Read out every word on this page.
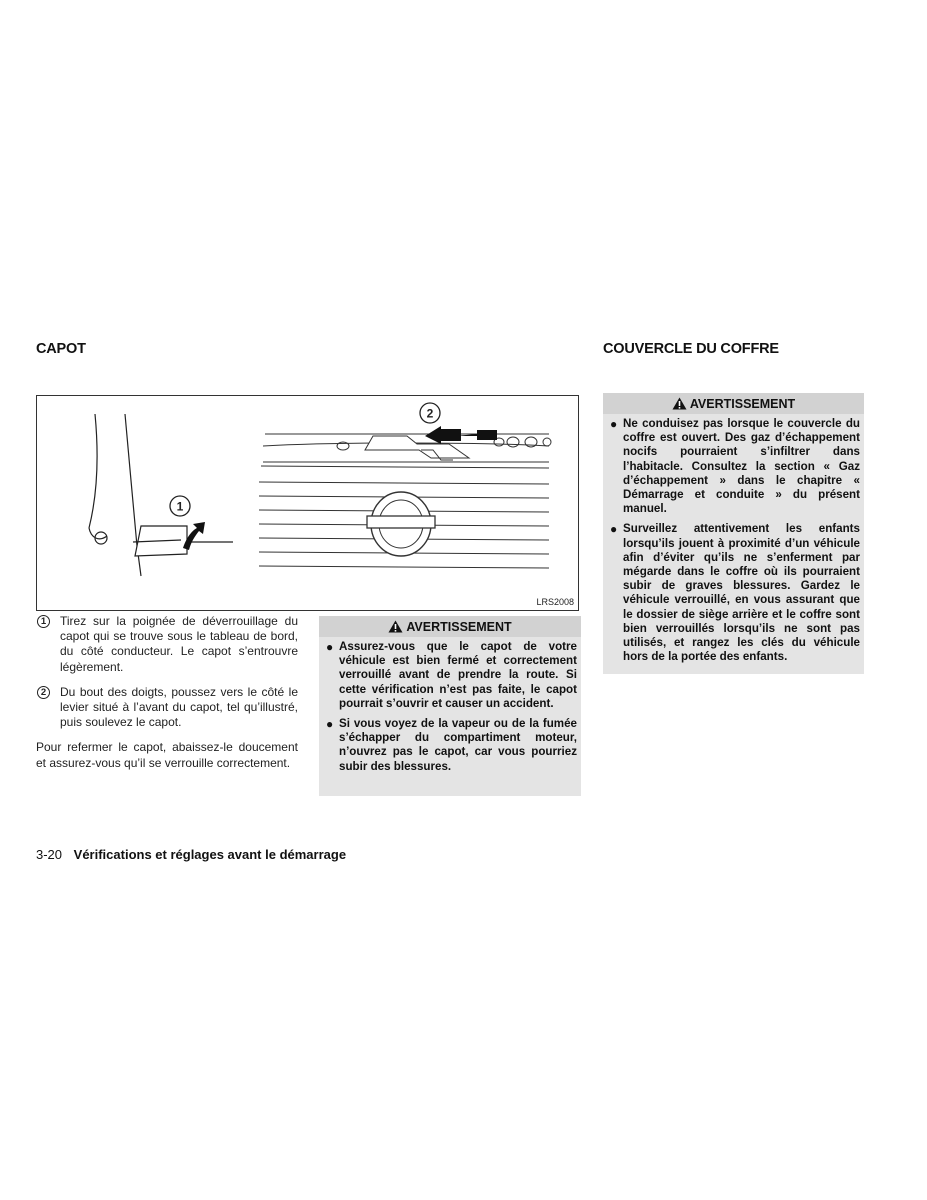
CAPOT	COUVERCLE DU COFFRE
1
2
LRS2008
1	Tirez sur la poignée de déverrouillage du capot qui se trouve sous le tableau de bord, du côté conducteur. Le capot s’entrouvre légèrement.
2	Du bout des doigts, poussez vers le côté le levier situé à l’avant du capot, tel qu’illustré, puis soulevez le capot.
Pour refermer le capot, abaissez-le doucement et assurez-vous qu’il se verrouille correctement.
AVERTISSEMENT
● Assurez-vous que le capot de votre véhicule est bien fermé et correctement verrouillé avant de prendre la route. Si cette vérification n’est pas faite, le capot pourrait s’ouvrir et causer un accident.
● Si vous voyez de la vapeur ou de la fumée s’échapper du compartiment moteur, n’ouvrez pas le capot, car vous pourriez subir des blessures.
AVERTISSEMENT
● Ne conduisez pas lorsque le couvercle du coffre est ouvert. Des gaz d’échappement nocifs pourraient s’infiltrer dans l’habitacle. Consultez la section « Gaz d’échappement » dans le chapitre « Démarrage et conduite » du présent manuel.
● Surveillez attentivement les enfants lorsqu’ils jouent à proximité d’un véhicule afin d’éviter qu’ils ne s’enferment par mégarde dans le coffre où ils pourraient subir de graves blessures. Gardez le véhicule verrouillé, en vous assurant que le dossier de siège arrière et le coffre sont bien verrouillés lorsqu’ils ne sont pas utilisés, et rangez les clés du véhicule hors de la portée des enfants.
3-20 Vérifications et réglages avant le démarrage
